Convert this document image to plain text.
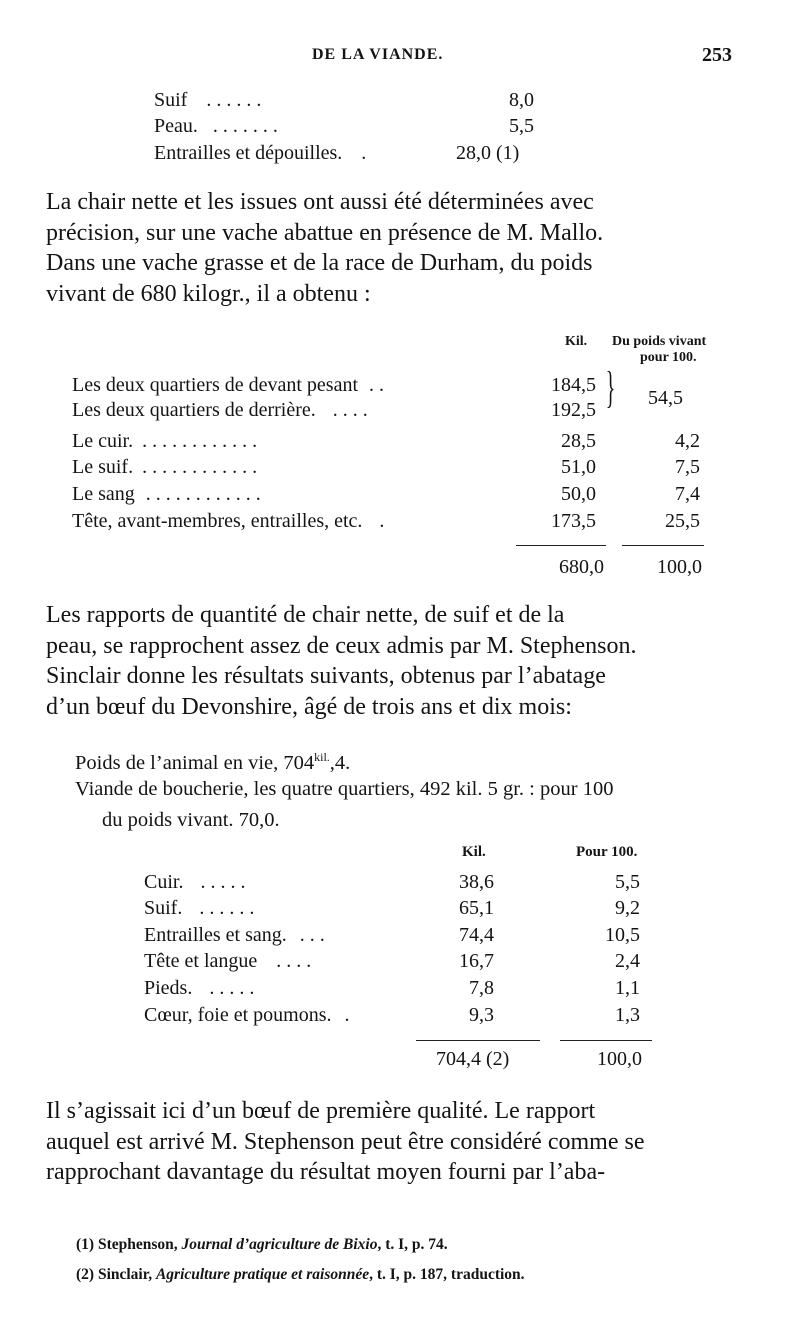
DE LA VIANDE.	253
Suif . . . . . .	8,0
Peau. . . . . . . .	5,5
Entrailles et dépouilles. .	28,0 (1)
La chair nette et les issues ont aussi été déterminées avec
précision, sur une vache abattue en présence de M. Mallo.
Dans une vache grasse et de la race de Durham, du poids
vivant de 680 kilogr., il a obtenu :
Kil. Du poids vivant
pour 100.
Les deux quartiers de devant pesant . .	184,5
Les deux quartiers de derrière. . . . .	192,5 } 54,5
Le cuir. . . . . . . . . . . . .	28,5	4,2
Le suif. . . . . . . . . . . . .	51,0	7,5
Le sang . . . . . . . . . . . .	50,0	7,4
Tête, avant-membres, entrailles, etc. .	173,5	25,5
680,0	100,0
Les rapports de quantité de chair nette, de suif et de la
peau, se rapprochent assez de ceux admis par M. Stephenson.
Sinclair donne les résultats suivants, obtenus par l’abatage
d’un bœuf du Devonshire, âgé de trois ans et dix mois:
Poids de l’animal en vie, $704^{kil.},4$.
Viande de boucherie, les quatre quartiers, 492 kil. 5 gr. : pour 100
du poids vivant. 70,0.
Kil.	Pour 100.
Cuir. . . . . .	38,6	5,5
Suif. . . . . . .	65,1	9,2
Entrailles et sang. . . .	74,4	10,5
Tête et langue . . . .	16,7	2,4
Pieds. . . . . .	7,8	1,1
Cœur, foie et poumons. .	9,3	1,3
704,4 (2)	100,0
Il s’agissait ici d’un bœuf de première qualité. Le rapport
auquel est arrivé M. Stephenson peut être considéré comme se
rapprochant davantage du résultat moyen fourni par l’aba-
(1) Stephenson, Journal d’agriculture de Bixio, t. I, p. 74.
(2) Sinclair, Agriculture pratique et raisonnée, t. I, p. 187, traduction.
